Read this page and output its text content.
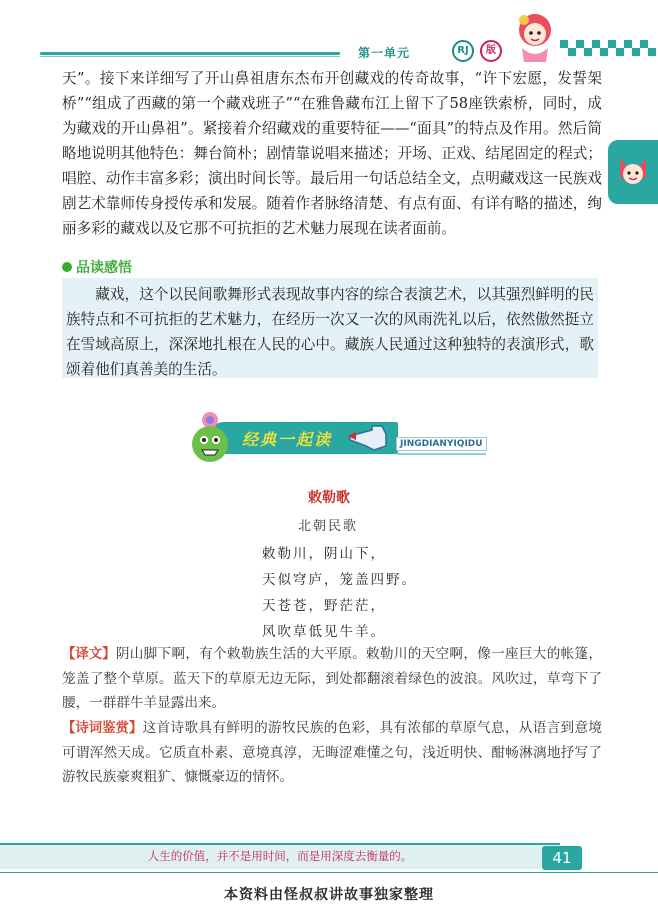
第一单元	RJ	版
天”。接下来详细写了开山鼻祖唐东杰布开创藏戏的传奇故事，“许下宏愿，发誓架桥”“组成了西藏的第一个藏戏班子”“在雅鲁藏布江上留下了58座铁索桥，同时，成为藏戏的开山鼻祖”。紧接着介绍藏戏的重要特征——“面具”的特点及作用。然后简略地说明其他特色：舞台简朴；剧情靠说唱来描述；开场、正戏、结尾固定的程式；唱腔、动作丰富多彩；演出时间长等。最后用一句话总结全文，点明藏戏这一民族戏剧艺术靠师传身授传承和发展。随着作者脉络清楚、有点有面、有详有略的描述，绚丽多彩的藏戏以及它那不可抗拒的艺术魅力展现在读者面前。
品读感悟
藏戏，这个以民间歌舞形式表现故事内容的综合表演艺术，以其强烈鲜明的民族特点和不可抗拒的艺术魅力，在经历一次又一次的风雨洗礼以后，依然傲然挺立在雪域高原上，深深地扎根在人民的心中。藏族人民通过这种独特的表演形式，歌颂着他们真善美的生活。
经典一起读	JINGDIANYIQIDU
敕勒歌
北朝民歌
敕勒川，阴山下，
天似穹庐，笼盖四野。
天苍苍，野茫茫，
风吹草低见牛羊。
【译文】阴山脚下啊，有个敕勒族生活的大平原。敕勒川的天空啊，像一座巨大的帐篷，笼盖了整个草原。蓝天下的草原无边无际，到处都翻滚着绿色的波浪。风吹过，草弯下了腰，一群群牛羊显露出来。
【诗词鉴赏】这首诗歌具有鲜明的游牧民族的色彩，具有浓郁的草原气息，从语言到意境可谓浑然天成。它质直朴素、意境真淳，无晦涩难懂之句，浅近明快、酣畅淋漓地抒写了游牧民族豪爽粗犷、慷慨豪迈的情怀。
人生的价值，并不是用时间，而是用深度去衡量的。	41
本资料由怪叔叔讲故事独家整理
